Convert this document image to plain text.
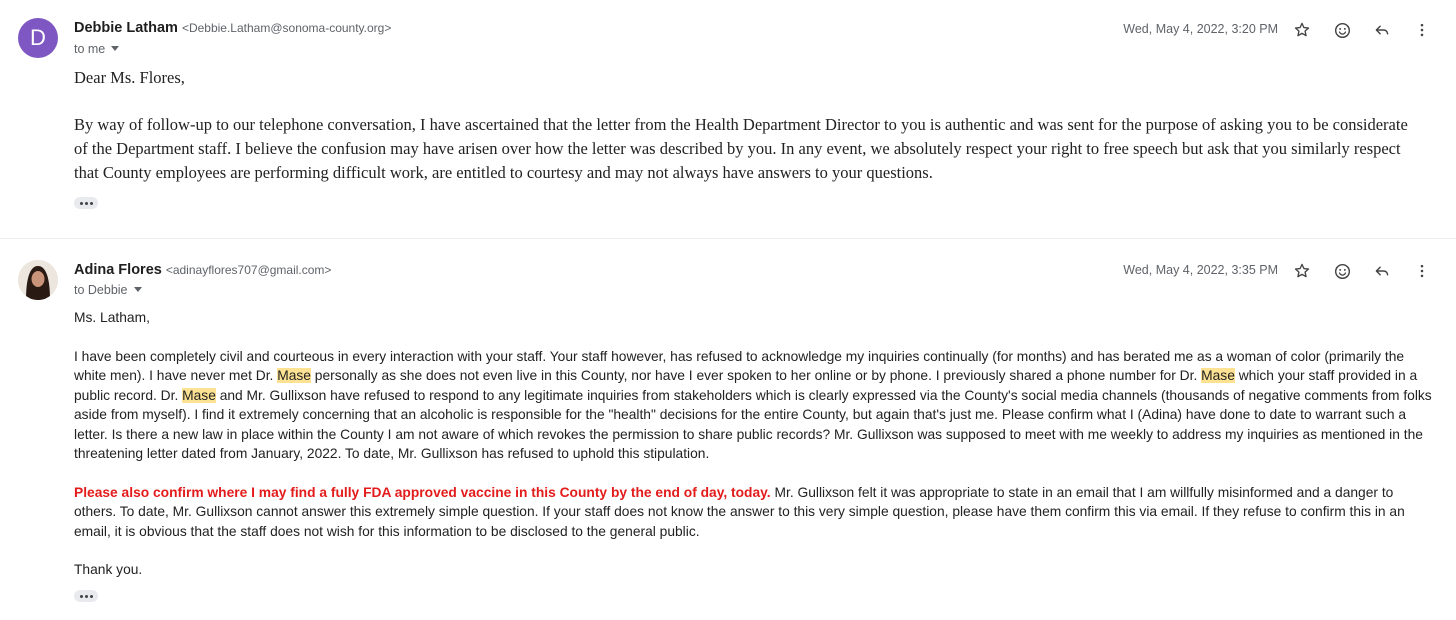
D	Debbie Latham <Debbie.Latham@sonoma-county.org>
to me
Wed, May 4, 2022, 3:20 PM

Dear Ms. Flores,

By way of follow-up to our telephone conversation, I have ascertained that the letter from the Health Department Director to you is authentic and was sent for the purpose of asking you to be considerate of the Department staff. I believe the confusion may have arisen over how the letter was described by you. In any event, we absolutely respect your right to free speech but ask that you similarly respect that County employees are performing difficult work, are entitled to courtesy and may not always have answers to your questions.

Adina Flores <adinayflores707@gmail.com>
to Debbie
Wed, May 4, 2022, 3:35 PM

Ms. Latham,

I have been completely civil and courteous in every interaction with your staff. Your staff however, has refused to acknowledge my inquiries continually (for months) and has berated me as a woman of color (primarily the white men). I have never met Dr. Mase personally as she does not even live in this County, nor have I ever spoken to her online or by phone. I previously shared a phone number for Dr. Mase which your staff provided in a public record. Dr. Mase and Mr. Gullixson have refused to respond to any legitimate inquiries from stakeholders which is clearly expressed via the County's social media channels (thousands of negative comments from folks aside from myself). I find it extremely concerning that an alcoholic is responsible for the "health" decisions for the entire County, but again that's just me. Please confirm what I (Adina) have done to date to warrant such a letter. Is there a new law in place within the County I am not aware of which revokes the permission to share public records? Mr. Gullixson was supposed to meet with me weekly to address my inquiries as mentioned in the threatening letter dated from January, 2022. To date, Mr. Gullixson has refused to uphold this stipulation.

Please also confirm where I may find a fully FDA approved vaccine in this County by the end of day, today. Mr. Gullixson felt it was appropriate to state in an email that I am willfully misinformed and a danger to others. To date, Mr. Gullixson cannot answer this extremely simple question. If your staff does not know the answer to this very simple question, please have them confirm this via email. If they refuse to confirm this in an email, it is obvious that the staff does not wish for this information to be disclosed to the general public.

Thank you.
